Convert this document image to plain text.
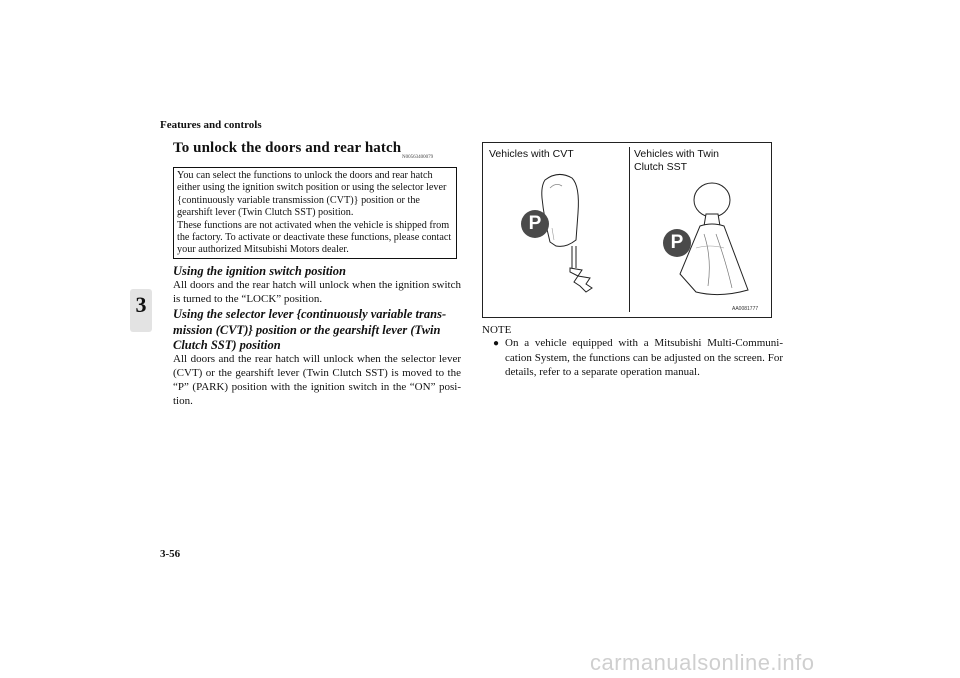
Features and controls
3
To unlock the doors and rear hatch
N00563400079

You can select the functions to unlock the doors and rear hatch either using the ignition switch position or using the selector lever {continuously variable transmission (CVT)} position or the gearshift lever (Twin Clutch SST) position.

These functions are not activated when the vehicle is shipped from the factory. To activate or deactivate these functions, please contact your authorized Mitsubishi Motors dealer.

Using the ignition switch position
All doors and the rear hatch will unlock when the ignition switch is turned to the “LOCK” position.
Using the selector lever {continuously variable trans-mission (CVT)} position or the gearshift lever (Twin Clutch SST) position
All doors and the rear hatch will unlock when the selector lever (CVT) or the gearshift lever (Twin Clutch SST) is moved to the “P” (PARK) position with the ignition switch in the “ON” posi-tion.
Vehicles with CVT	Vehicles with Twin Clutch SST
P
P
AA0081777
NOTE
● On a vehicle equipped with a Mitsubishi Multi-Communi-cation System, the functions can be adjusted on the screen. For details, refer to a separate operation manual.
3-56
carmanualsonline.info
